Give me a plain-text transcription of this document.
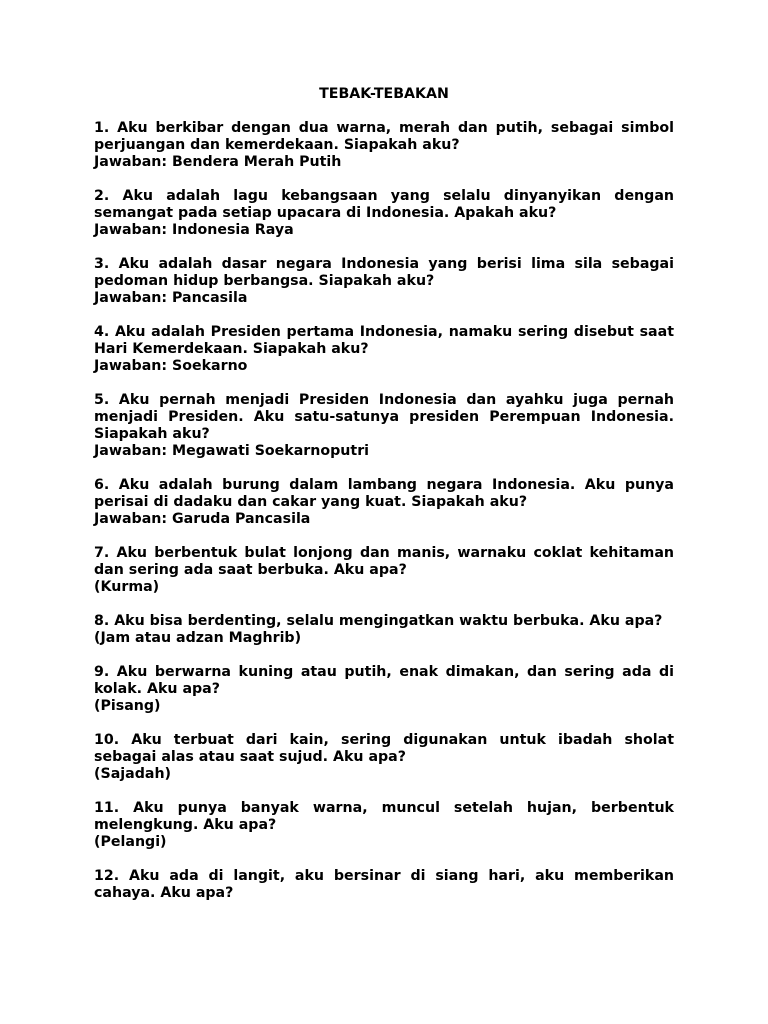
TEBAK-TEBAKAN

1. Aku berkibar dengan dua warna, merah dan putih, sebagai simbol perjuangan dan kemerdekaan. Siapakah aku?

Jawaban: Bendera Merah Putih

2. Aku adalah lagu kebangsaan yang selalu dinyanyikan dengan semangat pada setiap upacara di Indonesia. Apakah aku?

Jawaban: Indonesia Raya

3. Aku adalah dasar negara Indonesia yang berisi lima sila sebagai pedoman hidup berbangsa. Siapakah aku?

Jawaban: Pancasila

4. Aku adalah Presiden pertama Indonesia, namaku sering disebut saat Hari Kemerdekaan. Siapakah aku?

Jawaban: Soekarno

5. Aku pernah menjadi Presiden Indonesia dan ayahku juga pernah menjadi Presiden. Aku satu-satunya presiden Perempuan Indonesia. Siapakah aku?

Jawaban: Megawati Soekarnoputri

6. Aku adalah burung dalam lambang negara Indonesia. Aku punya perisai di dadaku dan cakar yang kuat. Siapakah aku?

Jawaban: Garuda Pancasila

7. Aku berbentuk bulat lonjong dan manis, warnaku coklat kehitaman dan sering ada saat berbuka. Aku apa?

(Kurma)

8. Aku bisa berdenting, selalu mengingatkan waktu berbuka. Aku apa?

(Jam atau adzan Maghrib)

9. Aku berwarna kuning atau putih, enak dimakan, dan sering ada di kolak. Aku apa?

(Pisang)

10. Aku terbuat dari kain, sering digunakan untuk ibadah sholat sebagai alas atau saat sujud. Aku apa?

(Sajadah)

11. Aku punya banyak warna, muncul setelah hujan, berbentuk melengkung. Aku apa?

(Pelangi)

12. Aku ada di langit, aku bersinar di siang hari, aku memberikan cahaya. Aku apa?
